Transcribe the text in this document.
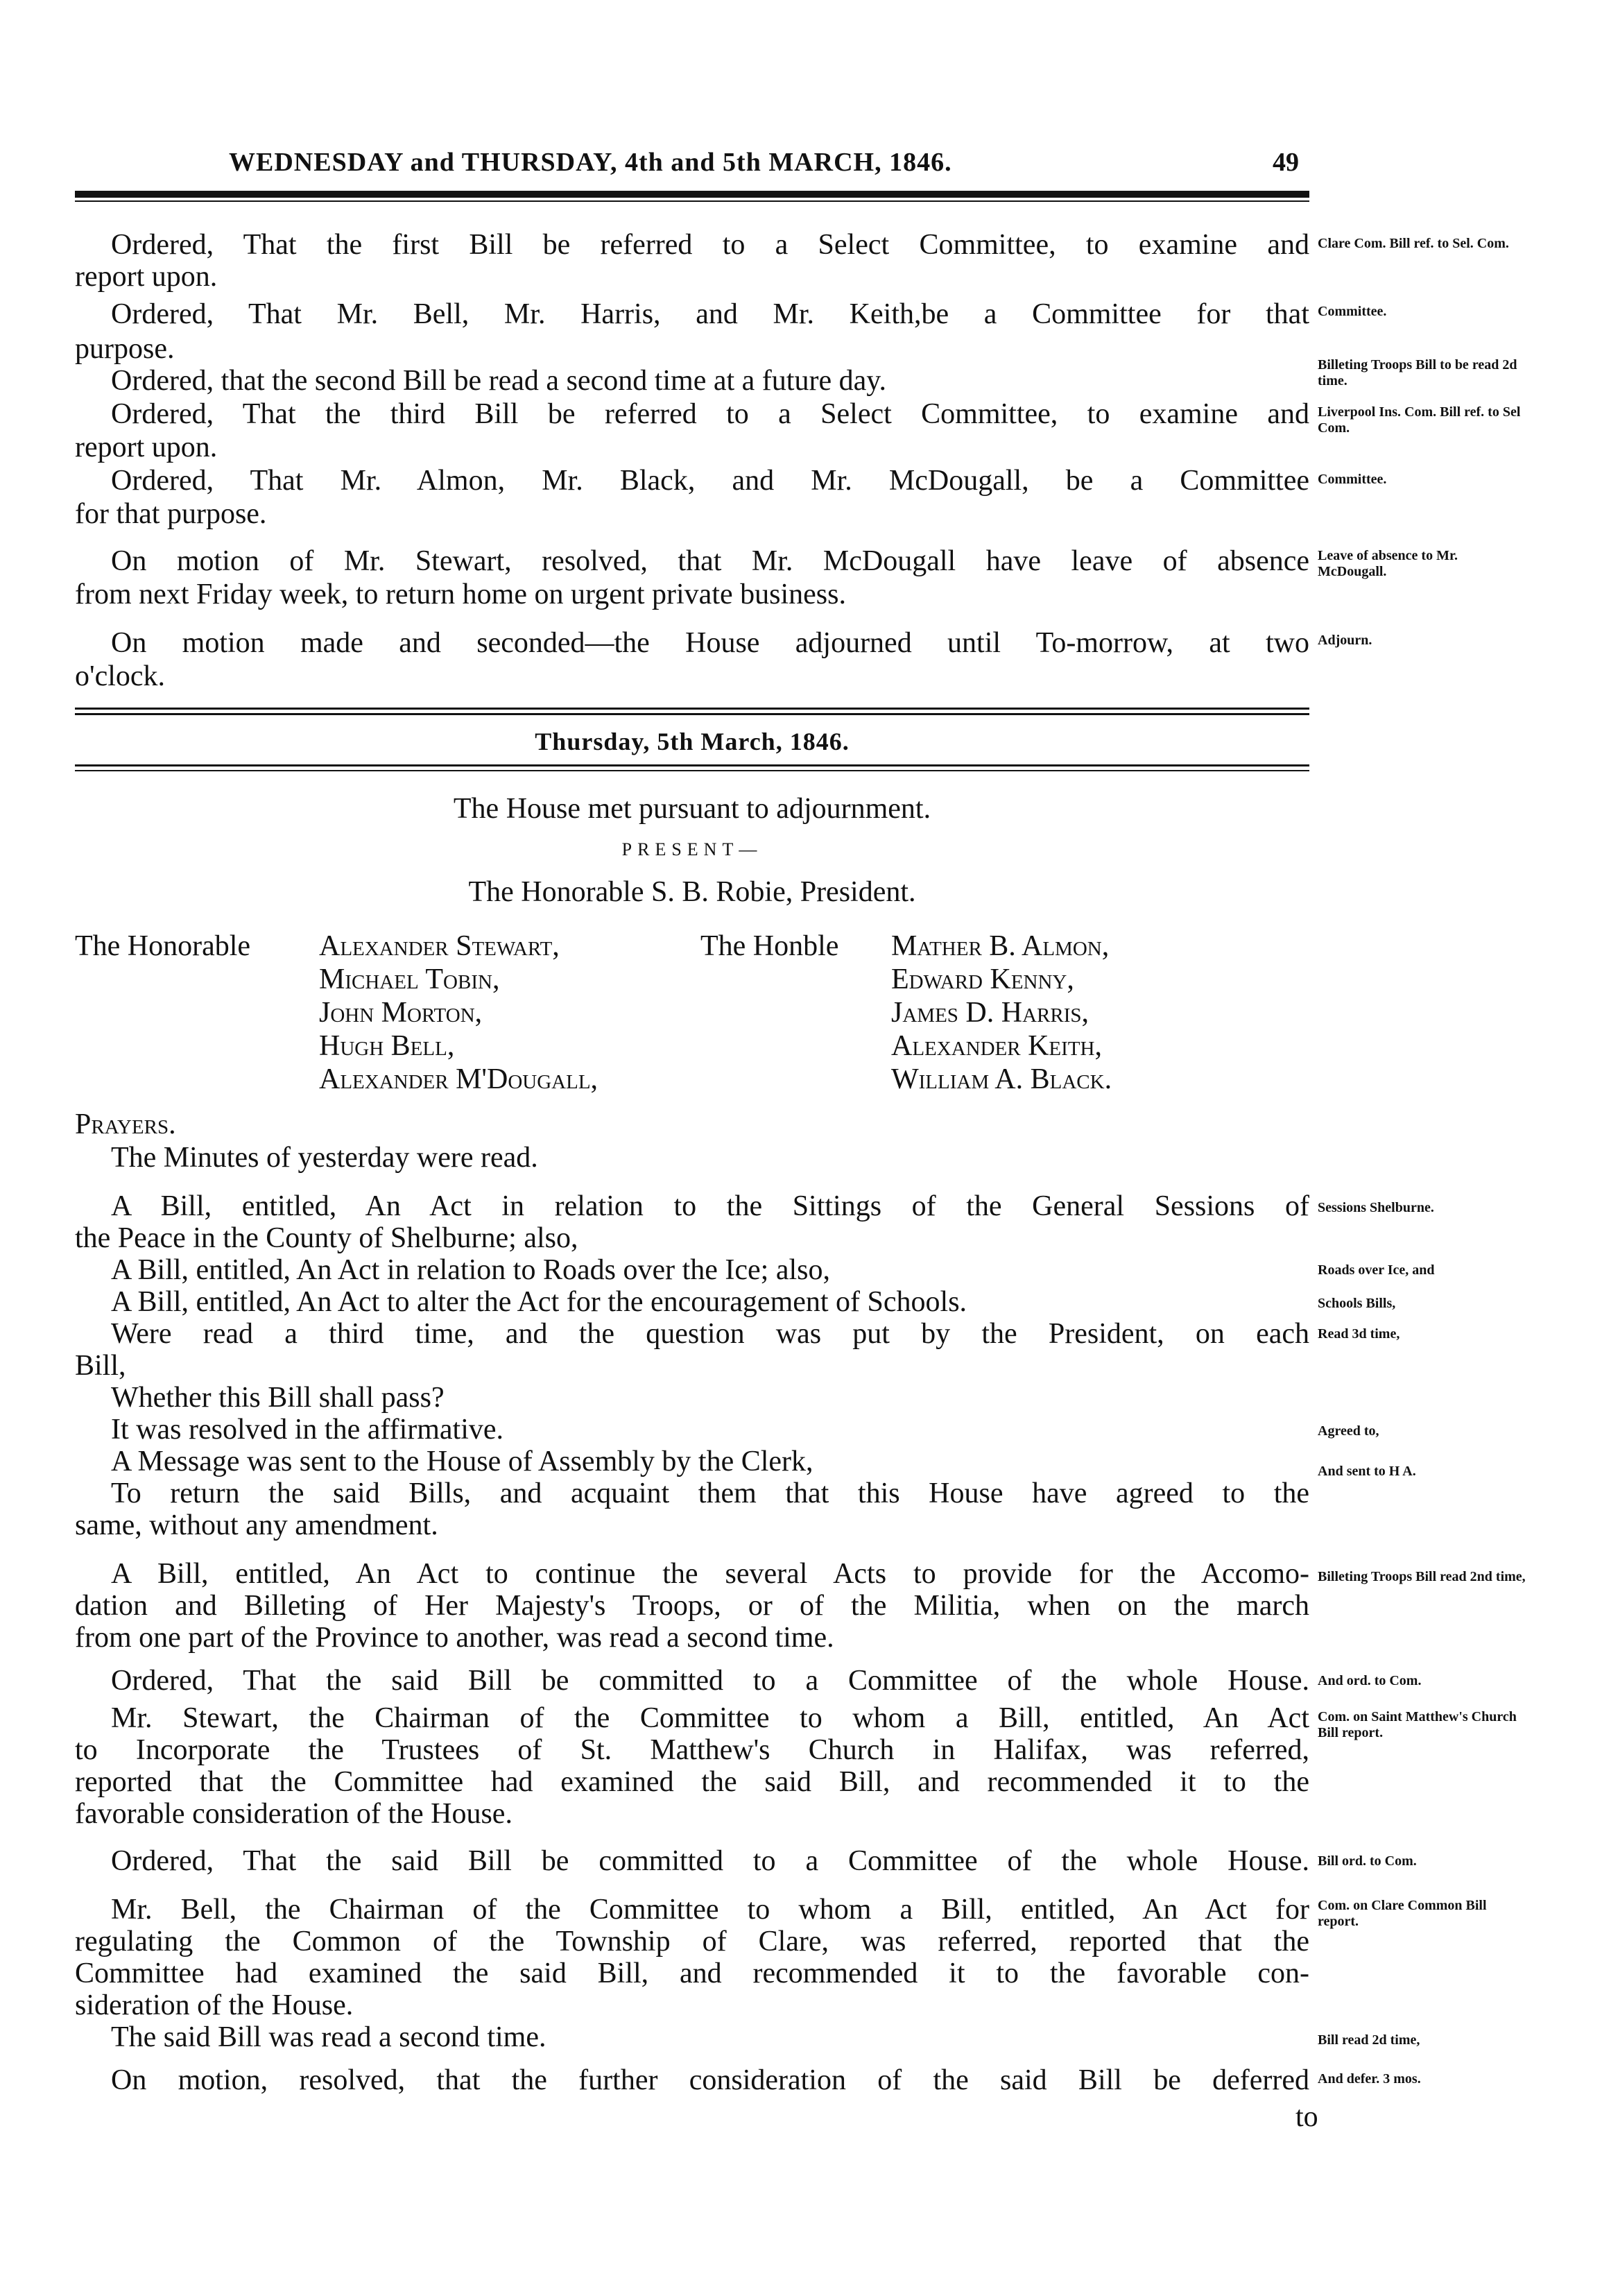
WEDNESDAY and THURSDAY, 4th and 5th MARCH, 1846.	49
Ordered, That the first Bill be referred to a Select Committee, to examine and
report upon.
Ordered, That Mr. Bell, Mr. Harris, and Mr. Keith,be a Committee for that
purpose.
Ordered, that the second Bill be read a second time at a future day.
Ordered, That the third Bill be referred to a Select Committee, to examine and
report upon.
Ordered, That Mr. Almon, Mr. Black, and Mr. McDougall, be a Committee
for that purpose.
On motion of Mr. Stewart, resolved, that Mr. McDougall have leave of absence
from next Friday week, to return home on urgent private business.
On motion made and seconded—the House adjourned until To-morrow, at two
o'clock.
Clare Com. Bill ref. to Sel. Com.
Committee.
Billeting Troops Bill to be read 2d time.
Liverpool Ins. Com. Bill ref. to Sel Com.
Committee.
Leave of absence to Mr. McDougall.
Adjourn.
Thursday, 5th March, 1846.
The House met pursuant to adjournment.
PRESENT—
The Honorable S. B. Robie, President.
The Honorable Alexander Stewart,
Michael Tobin,
John Morton,
Hugh Bell,
Alexander M'Dougall,
The Honble Mather B. Almon,
Edward Kenny,
James D. Harris,
Alexander Keith,
William A. Black.
Prayers.
The Minutes of yesterday were read.
A Bill, entitled, An Act in relation to the Sittings of the General Sessions of
the Peace in the County of Shelburne; also,
A Bill, entitled, An Act in relation to Roads over the Ice; also,
A Bill, entitled, An Act to alter the Act for the encouragement of Schools.
Were read a third time, and the question was put by the President, on each
Bill,
Whether this Bill shall pass?
It was resolved in the affirmative.
A Message was sent to the House of Assembly by the Clerk,
To return the said Bills, and acquaint them that this House have agreed to the
same, without any amendment.
A Bill, entitled, An Act to continue the several Acts to provide for the Accomo-
dation and Billeting of Her Majesty's Troops, or of the Militia, when on the march
from one part of the Province to another, was read a second time.
Ordered, That the said Bill be committed to a Committee of the whole House.
Mr. Stewart, the Chairman of the Committee to whom a Bill, entitled, An Act
to Incorporate the Trustees of St. Matthew's Church in Halifax, was referred,
reported that the Committee had examined the said Bill, and recommended it to the
favorable consideration of the House.
Ordered, That the said Bill be committed to a Committee of the whole House.
Mr. Bell, the Chairman of the Committee to whom a Bill, entitled, An Act for
regulating the Common of the Township of Clare, was referred, reported that the
Committee had examined the said Bill, and recommended it to the favorable con-
sideration of the House.
The said Bill was read a second time.
On motion, resolved, that the further consideration of the said Bill be deferred
to
Sessions Shelburne.
Roads over Ice, and
Schools Bills,
Read 3d time,
Agreed to,
And sent to H A.
Billeting Troops Bill read 2nd time,
And ord. to Com.
Com. on Saint Matthew's Church Bill report.
Bill ord. to Com.
Com. on Clare Common Bill report.
Bill read 2d time,
And defer. 3 mos.
